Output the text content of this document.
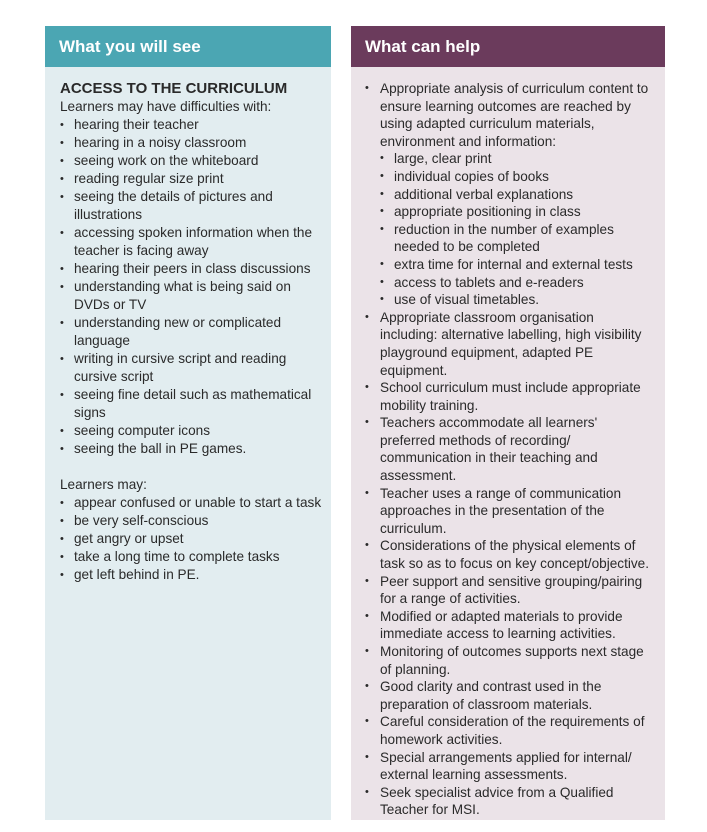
What you will see
ACCESS TO THE CURRICULUM
Learners may have difficulties with:
• hearing their teacher
• hearing in a noisy classroom
• seeing work on the whiteboard
• reading regular size print
• seeing the details of pictures and illustrations
• accessing spoken information when the teacher is facing away
• hearing their peers in class discussions
• understanding what is being said on DVDs or TV
• understanding new or complicated language
• writing in cursive script and reading cursive script
• seeing fine detail such as mathematical signs
• seeing computer icons
• seeing the ball in PE games.
Learners may:
• appear confused or unable to start a task
• be very self-conscious
• get angry or upset
• take a long time to complete tasks
• get left behind in PE.
What can help
• Appropriate analysis of curriculum content to ensure learning outcomes are reached by using adapted curriculum materials, environment and information:
• large, clear print
• individual copies of books
• additional verbal explanations
• appropriate positioning in class
• reduction in the number of examples needed to be completed
• extra time for internal and external tests
• access to tablets and e-readers
• use of visual timetables.
• Appropriate classroom organisation including: alternative labelling, high visibility playground equipment, adapted PE equipment.
• School curriculum must include appropriate mobility training.
• Teachers accommodate all learners' preferred methods of recording/ communication in their teaching and assessment.
• Teacher uses a range of communication approaches in the presentation of the curriculum.
• Considerations of the physical elements of task so as to focus on key concept/objective.
• Peer support and sensitive grouping/pairing for a range of activities.
• Modified or adapted materials to provide immediate access to learning activities.
• Monitoring of outcomes supports next stage of planning.
• Good clarity and contrast used in the preparation of classroom materials.
• Careful consideration of the requirements of homework activities.
• Special arrangements applied for internal/ external learning assessments.
• Seek specialist advice from a Qualified Teacher for MSI.
